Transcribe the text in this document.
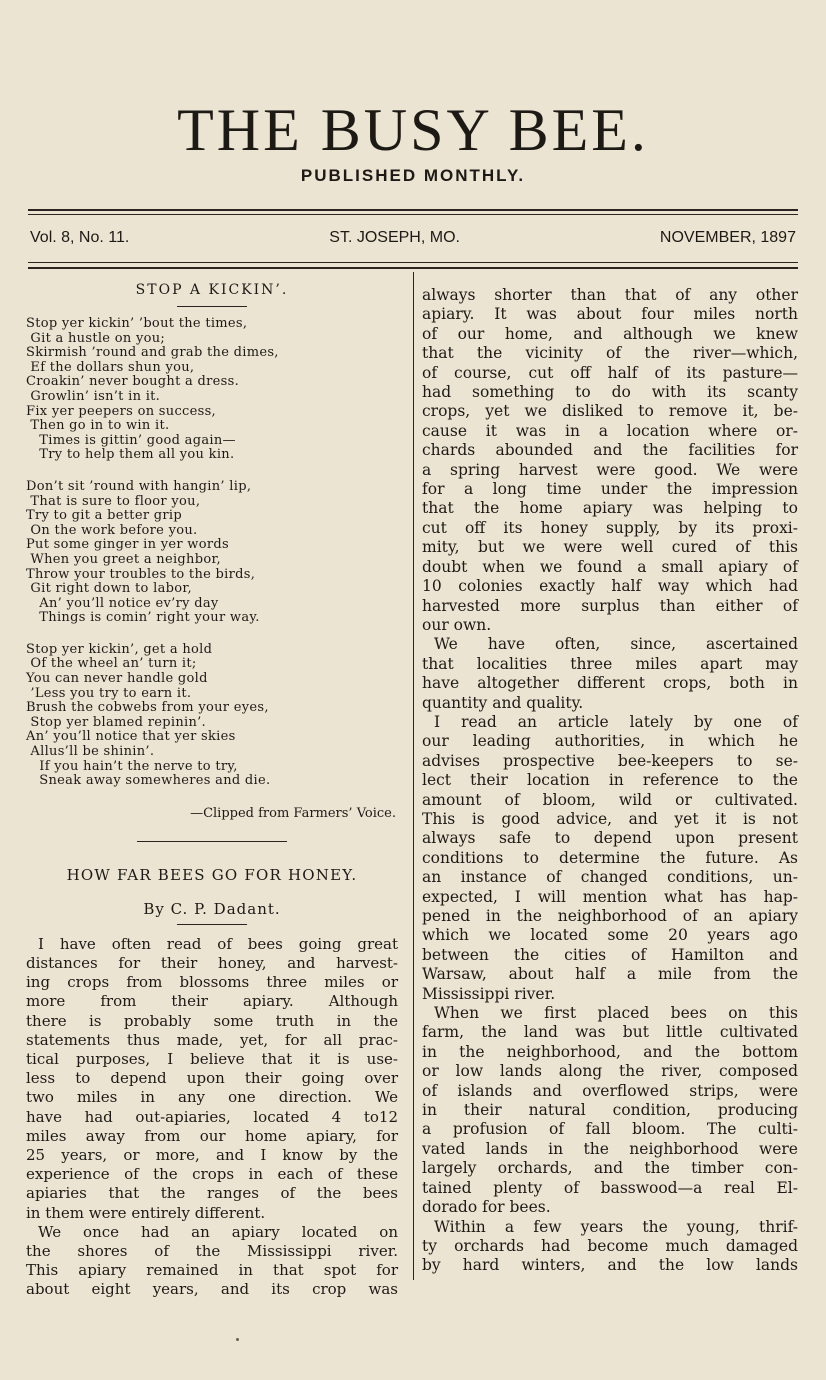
THE BUSY BEE.
PUBLISHED MONTHLY.
Vol. 8, No. 11.	ST. JOSEPH, MO.	NOVEMBER, 1897
STOP A KICKIN’.
Stop yer kickin’ ’bout the times,
Git a hustle on you;
Skirmish ’round and grab the dimes,
Ef the dollars shun you,
Croakin’ never bought a dress.
Growlin’ isn’t in it.
Fix yer peepers on success,
Then go in to win it.
Times is gittin’ good again—
Try to help them all you kin.
Don’t sit ’round with hangin’ lip,
That is sure to floor you,
Try to git a better grip
On the work before you.
Put some ginger in yer words
When you greet a neighbor,
Throw your troubles to the birds,
Git right down to labor,
An’ you’ll notice ev’ry day
Things is comin’ right your way.
Stop yer kickin’, get a hold
Of the wheel an’ turn it;
You can never handle gold
’Less you try to earn it.
Brush the cobwebs from your eyes,
Stop yer blamed repinin’.
An’ you’ll notice that yer skies
Allus’ll be shinin’.
If you hain’t the nerve to try,
Sneak away somewheres and die.
—Clipped from Farmers’ Voice.
HOW FAR BEES GO FOR HONEY.
By C. P. Dadant.
I have often read of bees going great
distances for their honey, and harvest-
ing crops from blossoms three miles or
more from their apiary. Although
there is probably some truth in the
statements thus made, yet, for all prac-
tical purposes, I believe that it is use-
less to depend upon their going over
two miles in any one direction. We
have had out-apiaries, located 4 to12
miles away from our home apiary, for
25 years, or more, and I know by the
experience of the crops in each of these
apiaries that the ranges of the bees
in them were entirely different.
We once had an apiary located on
the shores of the Mississippi river.
This apiary remained in that spot for
about eight years, and its crop was
always shorter than that of any other
apiary. It was about four miles north
of our home, and although we knew
that the vicinity of the river—which,
of course, cut off half of its pasture—
had something to do with its scanty
crops, yet we disliked to remove it, be-
cause it was in a location where or-
chards abounded and the facilities for
a spring harvest were good. We were
for a long time under the impression
that the home apiary was helping to
cut off its honey supply, by its proxi-
mity, but we were well cured of this
doubt when we found a small apiary of
10 colonies exactly half way which had
harvested more surplus than either of
our own.
We have often, since, ascertained
that localities three miles apart may
have altogether different crops, both in
quantity and quality.
I read an article lately by one of
our leading authorities, in which he
advises prospective bee-keepers to se-
lect their location in reference to the
amount of bloom, wild or cultivated.
This is good advice, and yet it is not
always safe to depend upon present
conditions to determine the future. As
an instance of changed conditions, un-
expected, I will mention what has hap-
pened in the neighborhood of an apiary
which we located some 20 years ago
between the cities of Hamilton and
Warsaw, about half a mile from the
Mississippi river.
When we first placed bees on this
farm, the land was but little cultivated
in the neighborhood, and the bottom
or low lands along the river, composed
of islands and overflowed strips, were
in their natural condition, producing
a profusion of fall bloom. The culti-
vated lands in the neighborhood were
largely orchards, and the timber con-
tained plenty of basswood—a real El-
dorado for bees.
Within a few years the young, thrif-
ty orchards had become much damaged
by hard winters, and the low lands
